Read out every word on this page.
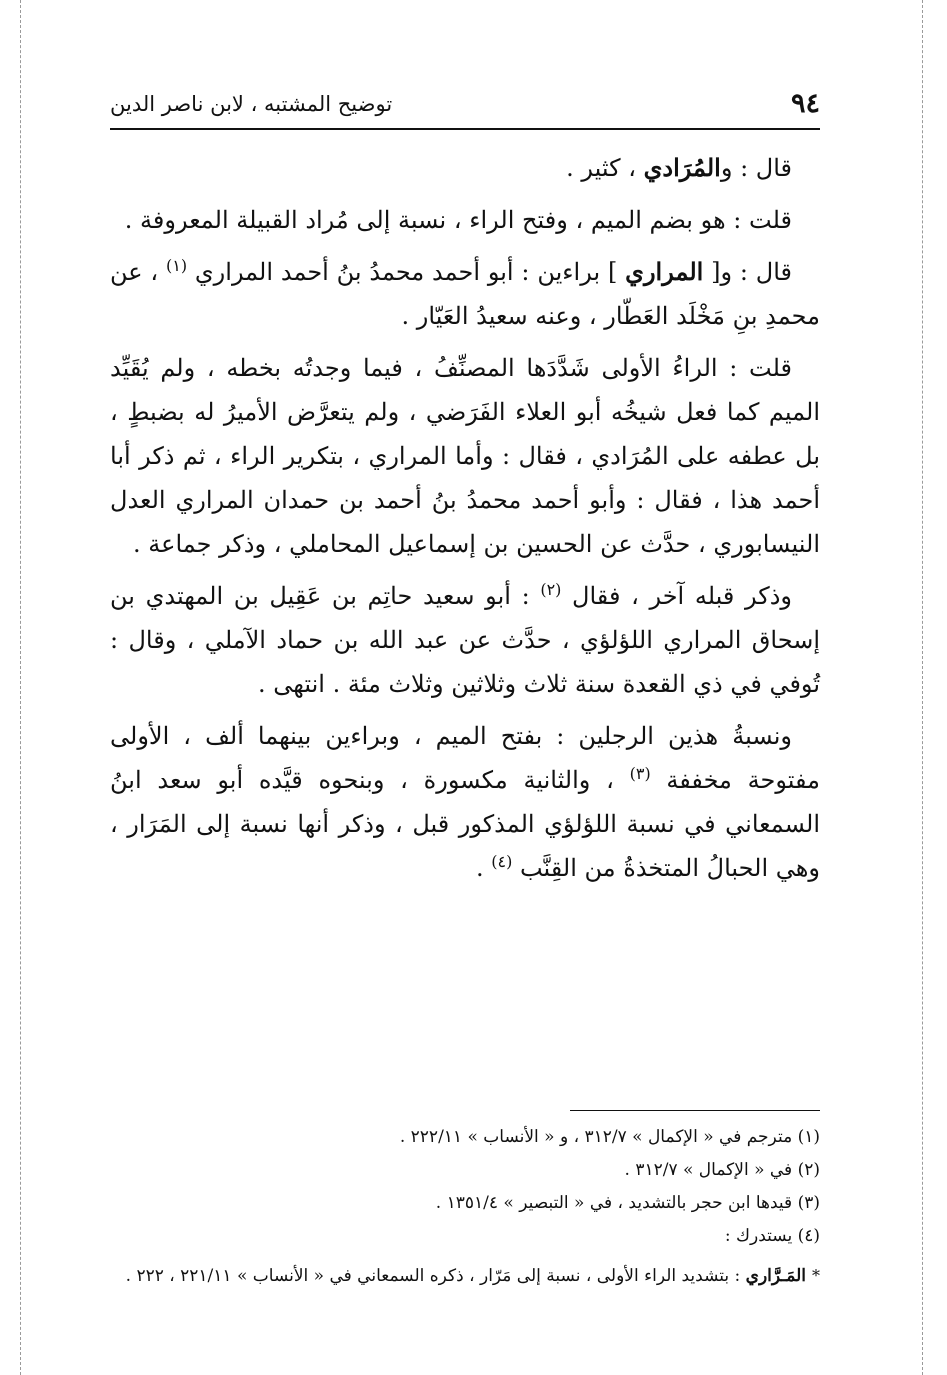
٩٤
توضيح المشتبه ، لابن ناصر الدين

قال : والمُرَادي ، كثير .

قلت : هو بضم الميم ، وفتح الراء ، نسبة إلى مُراد القبيلة المعروفة .

قال : و[ المراري ] براءين : أبو أحمد محمدُ بنُ أحمد المراري $^{(١)}$ ، عن محمدِ بنِ مَخْلَد العَطّار ، وعنه سعيدُ العَيّار .

قلت : الراءُ الأولى شَدَّدَها المصنِّفُ ، فيما وجدتُه بخطه ، ولم يُقَيِّد الميم كما فعل شيخُه أبو العلاء الفَرَضي ، ولم يتعرَّض الأميرُ له بضبطٍ ، بل عطفه على المُرَادي ، فقال : وأما المراري ، بتكرير الراء ، ثم ذكر أبا أحمد هذا ، فقال : وأبو أحمد محمدُ بنُ أحمد بن حمدان المراري العدل النيسابوري ، حدَّث عن الحسين بن إسماعيل المحاملي ، وذكر جماعة .

وذكر قبله آخر ، فقال $^{(٢)}$ : أبو سعيد حاتِم بن عَقِيل بن المهتدي بن إسحاق المراري اللؤلؤي ، حدَّث عن عبد الله بن حماد الآملي ، وقال : تُوفي في ذي القعدة سنة ثلاث وثلاثين وثلاث مئة . انتهى .

ونسبةُ هذين الرجلين : بفتح الميم ، وبراءين بينهما ألف ، الأولى مفتوحة مخففة $^{(٣)}$ ، والثانية مكسورة ، وبنحوه قيَّده أبو سعد ابنُ السمعاني في نسبة اللؤلؤي المذكور قبل ، وذكر أنها نسبة إلى المَرَار ، وهي الحبالُ المتخذةُ من القِنَّب $^{(٤)}$ .

(١) مترجم في « الإكمال » ٣١٢/٧ ، و « الأنساب » ٢٢٢/١١ .

(٢) في « الإكمال » ٣١٢/٧ .

(٣) قيدها ابن حجر بالتشديد ، في « التبصير » ١٣٥١/٤ .

(٤) يستدرك :

*المَـرَّاري : بتشديد الراء الأولى ، نسبة إلى مَرّار ، ذكره السمعاني في « الأنساب » ٢٢١/١١ ، ٢٢٢ .
